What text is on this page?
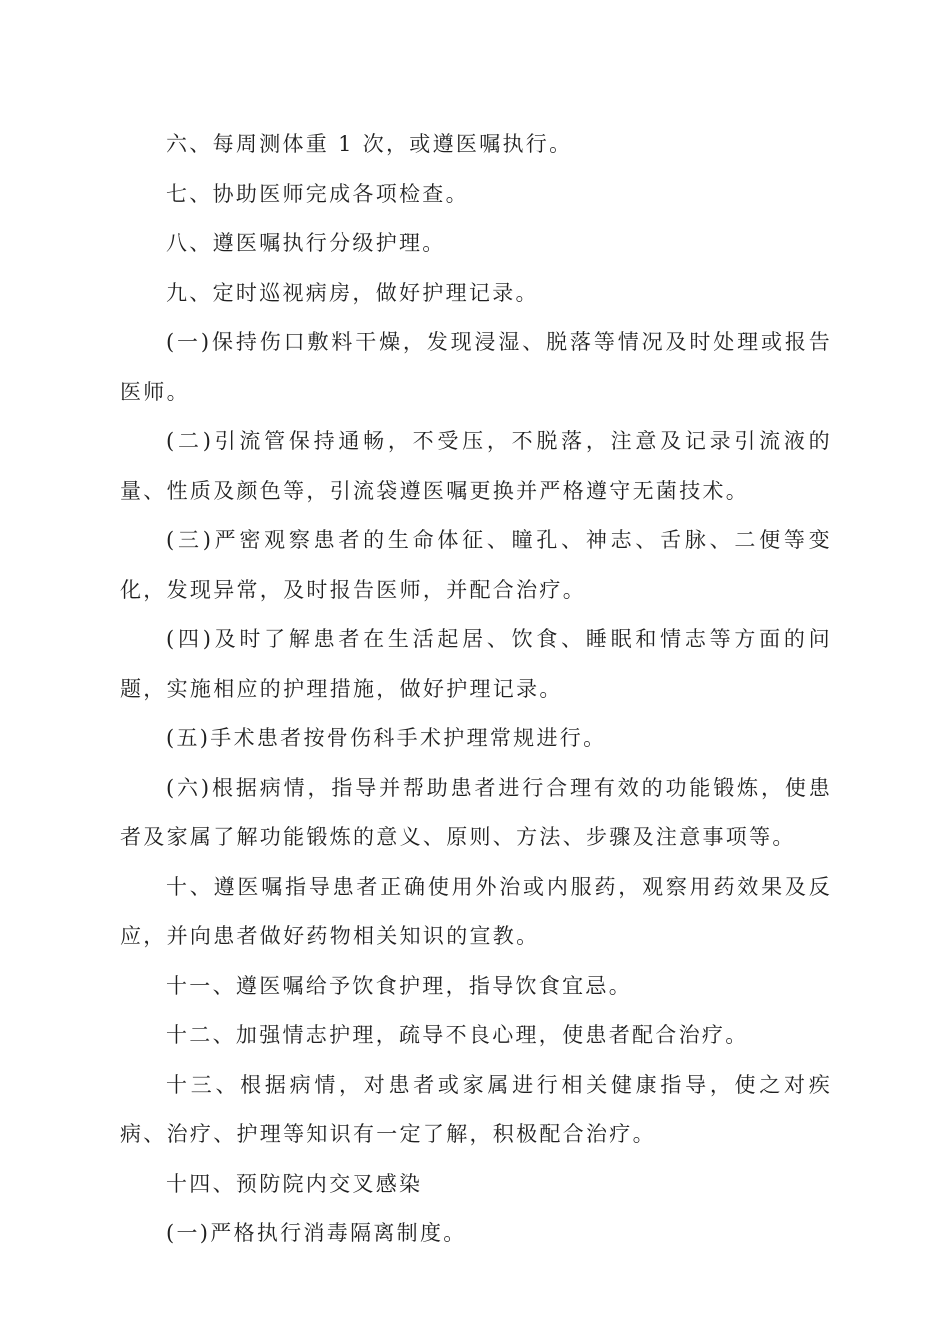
六、每周测体重 1 次，或遵医嘱执行。

七、协助医师完成各项检查。

八、遵医嘱执行分级护理。

九、定时巡视病房，做好护理记录。

(一)保持伤口敷料干燥，发现浸湿、脱落等情况及时处理或报告医师。

(二)引流管保持通畅，不受压，不脱落，注意及记录引流液的量、性质及颜色等，引流袋遵医嘱更换并严格遵守无菌技术。

(三)严密观察患者的生命体征、瞳孔、神志、舌脉、二便等变化，发现异常，及时报告医师，并配合治疗。

(四)及时了解患者在生活起居、饮食、睡眠和情志等方面的问题，实施相应的护理措施，做好护理记录。

(五)手术患者按骨伤科手术护理常规进行。

(六)根据病情，指导并帮助患者进行合理有效的功能锻炼，使患者及家属了解功能锻炼的意义、原则、方法、步骤及注意事项等。

十、遵医嘱指导患者正确使用外治或内服药，观察用药效果及反应，并向患者做好药物相关知识的宣教。

十一、遵医嘱给予饮食护理，指导饮食宜忌。

十二、加强情志护理，疏导不良心理，使患者配合治疗。

十三、根据病情，对患者或家属进行相关健康指导，使之对疾病、治疗、护理等知识有一定了解，积极配合治疗。

十四、预防院内交叉感染

(一)严格执行消毒隔离制度。
